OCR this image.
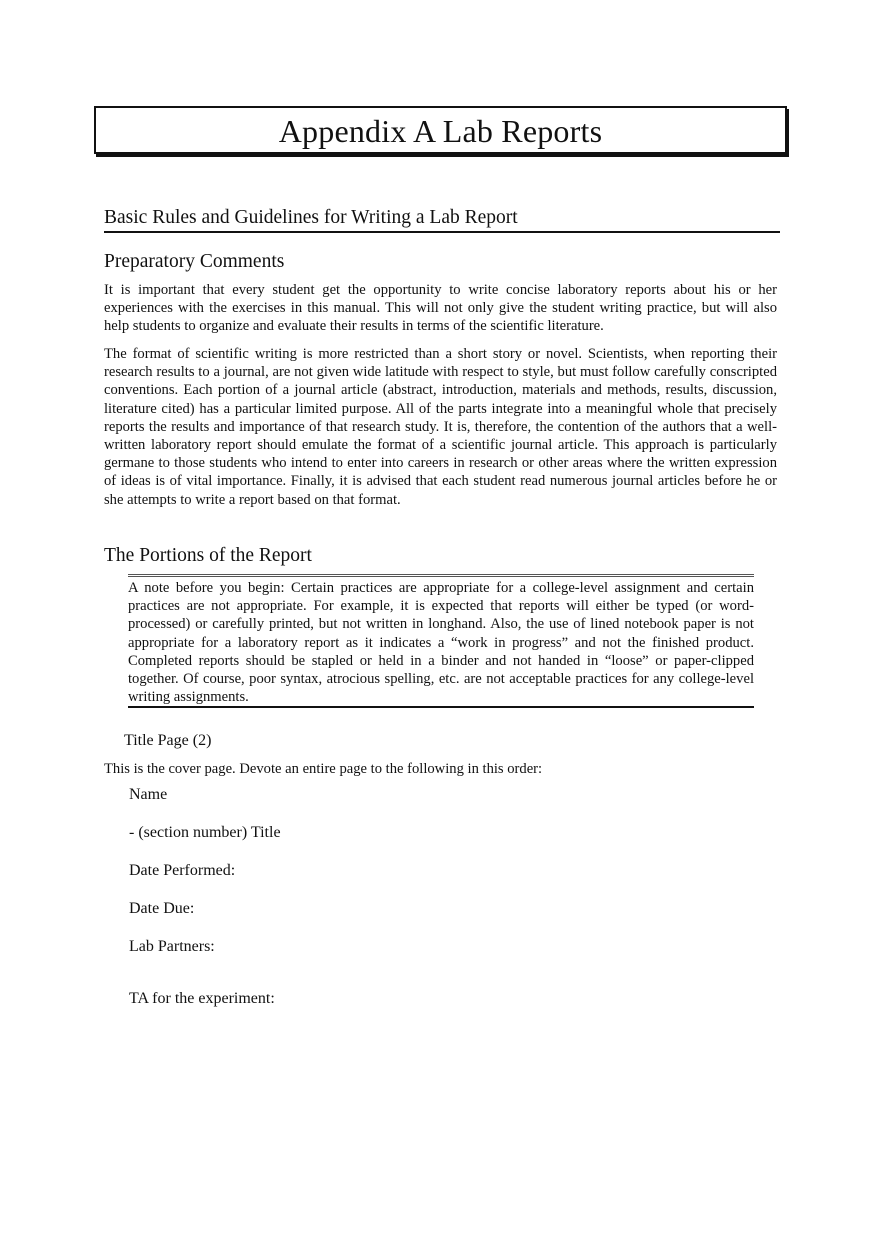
Appendix A Lab Reports
Basic Rules and Guidelines for Writing a Lab Report
Preparatory Comments

It is important that every student get the opportunity to write concise laboratory reports about his or her experiences with the exercises in this manual. This will not only give the student writing practice, but will also help students to organize and evaluate their results in terms of the scientific literature.

The format of scientific writing is more restricted than a short story or novel. Scientists, when reporting their research results to a journal, are not given wide latitude with respect to style, but must follow carefully conscripted conventions. Each portion of a journal article (abstract, introduction, materials and methods, results, discussion, literature cited) has a particular limited purpose. All of the parts integrate into a meaningful whole that precisely reports the results and importance of that research study. It is, therefore, the contention of the authors that a well-written laboratory report should emulate the format of a scientific journal article. This approach is particularly germane to those students who intend to enter into careers in research or other areas where the written expression of ideas is of vital importance. Finally, it is advised that each student read numerous journal articles before he or she attempts to write a report based on that format.

The Portions of the Report

A note before you begin: Certain practices are appropriate for a college-level assignment and certain practices are not appropriate. For example, it is expected that reports will either be typed (or word-processed) or carefully printed, but not written in longhand. Also, the use of lined notebook paper is not appropriate for a laboratory report as it indicates a “work in progress” and not the finished product. Completed reports should be stapled or held in a binder and not handed in “loose” or paper-clipped together. Of course, poor syntax, atrocious spelling, etc. are not acceptable practices for any college-level writing assignments.

Title Page (2)
This is the cover page. Devote an entire page to the following in this order:
Name
- (section number) Title
Date Performed:
Date Due:
Lab Partners:
TA for the experiment:
